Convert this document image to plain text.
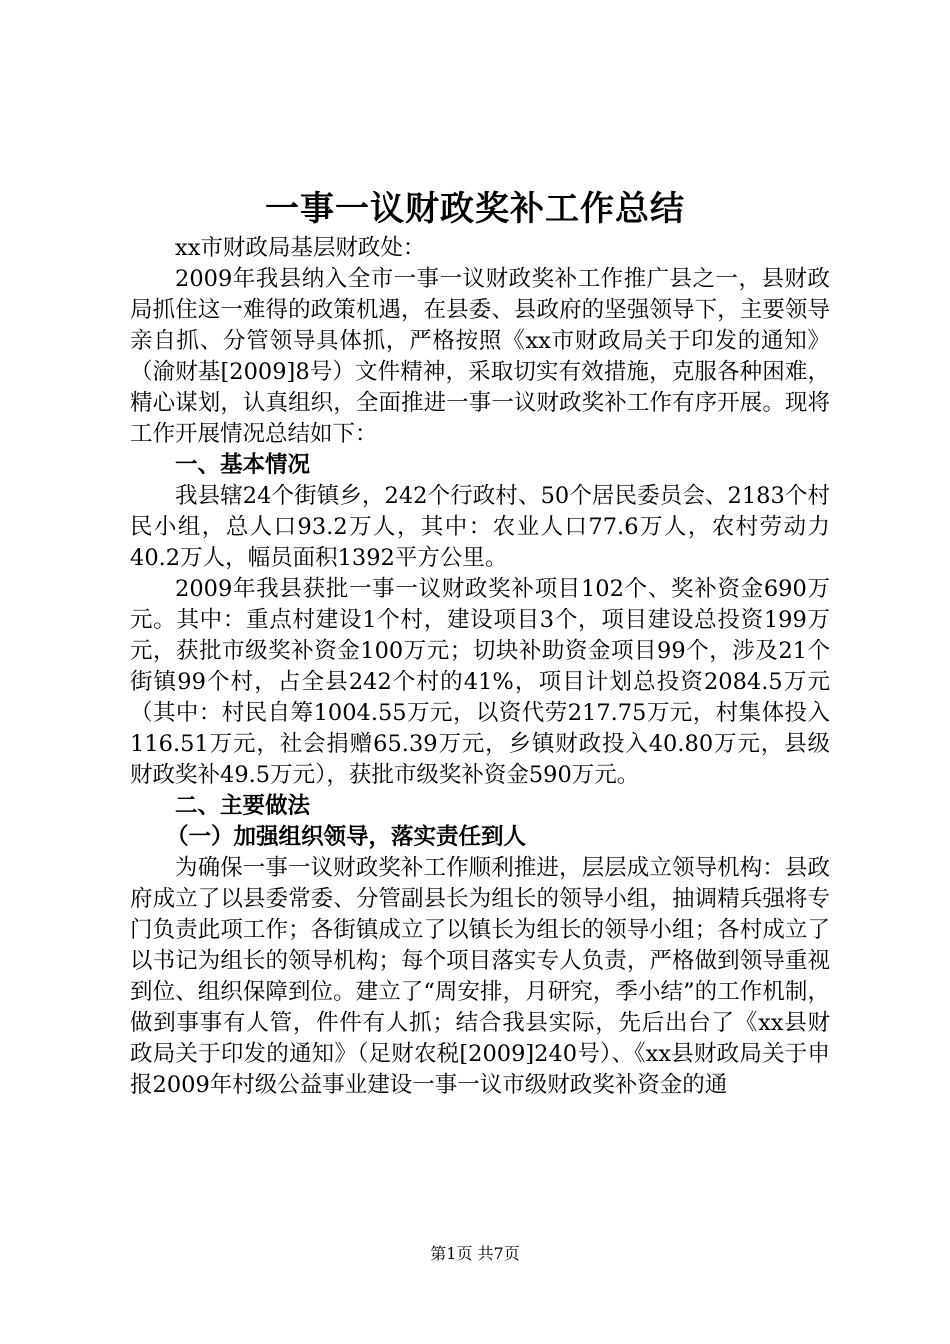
一事一议财政奖补工作总结

xx市财政局基层财政处：

2009年我县纳入全市一事一议财政奖补工作推广县之一，县财政局抓住这一难得的政策机遇，在县委、县政府的坚强领导下，主要领导亲自抓、分管领导具体抓，严格按照《xx市财政局关于印发的通知》（渝财基[2009]8号）文件精神，采取切实有效措施，克服各种困难，精心谋划，认真组织，全面推进一事一议财政奖补工作有序开展。现将工作开展情况总结如下：

一、基本情况

我县辖24个街镇乡，242个行政村、50个居民委员会、2183个村民小组，总人口93.2万人，其中：农业人口77.6万人，农村劳动力40.2万人，幅员面积1392平方公里。

2009年我县获批一事一议财政奖补项目102个、奖补资金690万元。其中：重点村建设1个村，建设项目3个，项目建设总投资199万元，获批市级奖补资金100万元；切块补助资金项目99个，涉及21个街镇99个村，占全县242个村的41%，项目计划总投资2084.5万元（其中：村民自筹1004.55万元，以资代劳217.75万元，村集体投入116.51万元，社会捐赠65.39万元，乡镇财政投入40.80万元，县级财政奖补49.5万元），获批市级奖补资金590万元。

二、主要做法

（一）加强组织领导，落实责任到人

为确保一事一议财政奖补工作顺利推进，层层成立领导机构：县政府成立了以县委常委、分管副县长为组长的领导小组，抽调精兵强将专门负责此项工作；各街镇成立了以镇长为组长的领导小组；各村成立了以书记为组长的领导机构；每个项目落实专人负责，严格做到领导重视到位、组织保障到位。建立了“周安排，月研究，季小结”的工作机制，做到事事有人管，件件有人抓；结合我县实际，先后出台了《xx县财政局关于印发的通知》（足财农税[2009]240号）、《xx县财政局关于申报2009年村级公益事业建设一事一议市级财政奖补资金的通

第1页 共7页
